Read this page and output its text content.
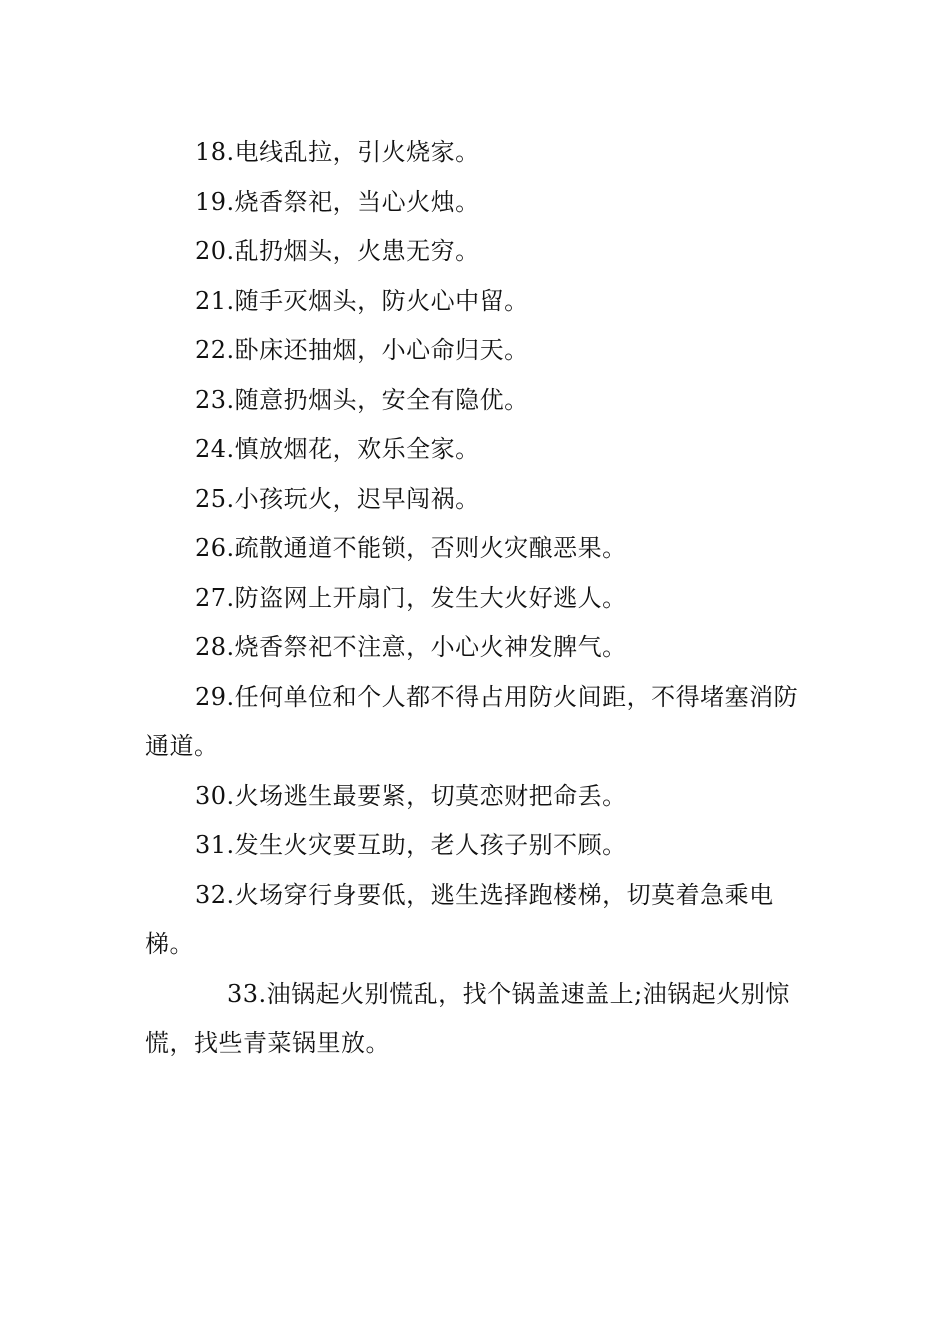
18.电线乱拉，引火烧家。

19.烧香祭祀，当心火烛。

20.乱扔烟头，火患无穷。

21.随手灭烟头，防火心中留。

22.卧床还抽烟，小心命归天。

23.随意扔烟头，安全有隐优。

24.慎放烟花，欢乐全家。

25.小孩玩火，迟早闯祸。

26.疏散通道不能锁，否则火灾酿恶果。

27.防盗网上开扇门，发生大火好逃人。

28.烧香祭祀不注意，小心火神发脾气。

29.任何单位和个人都不得占用防火间距，不得堵塞消防通道。

30.火场逃生最要紧，切莫恋财把命丢。

31.发生火灾要互助，老人孩子别不顾。

32.火场穿行身要低，逃生选择跑楼梯，切莫着急乘电梯。

33.油锅起火别慌乱，找个锅盖速盖上;油锅起火别惊慌，找些青菜锅里放。
